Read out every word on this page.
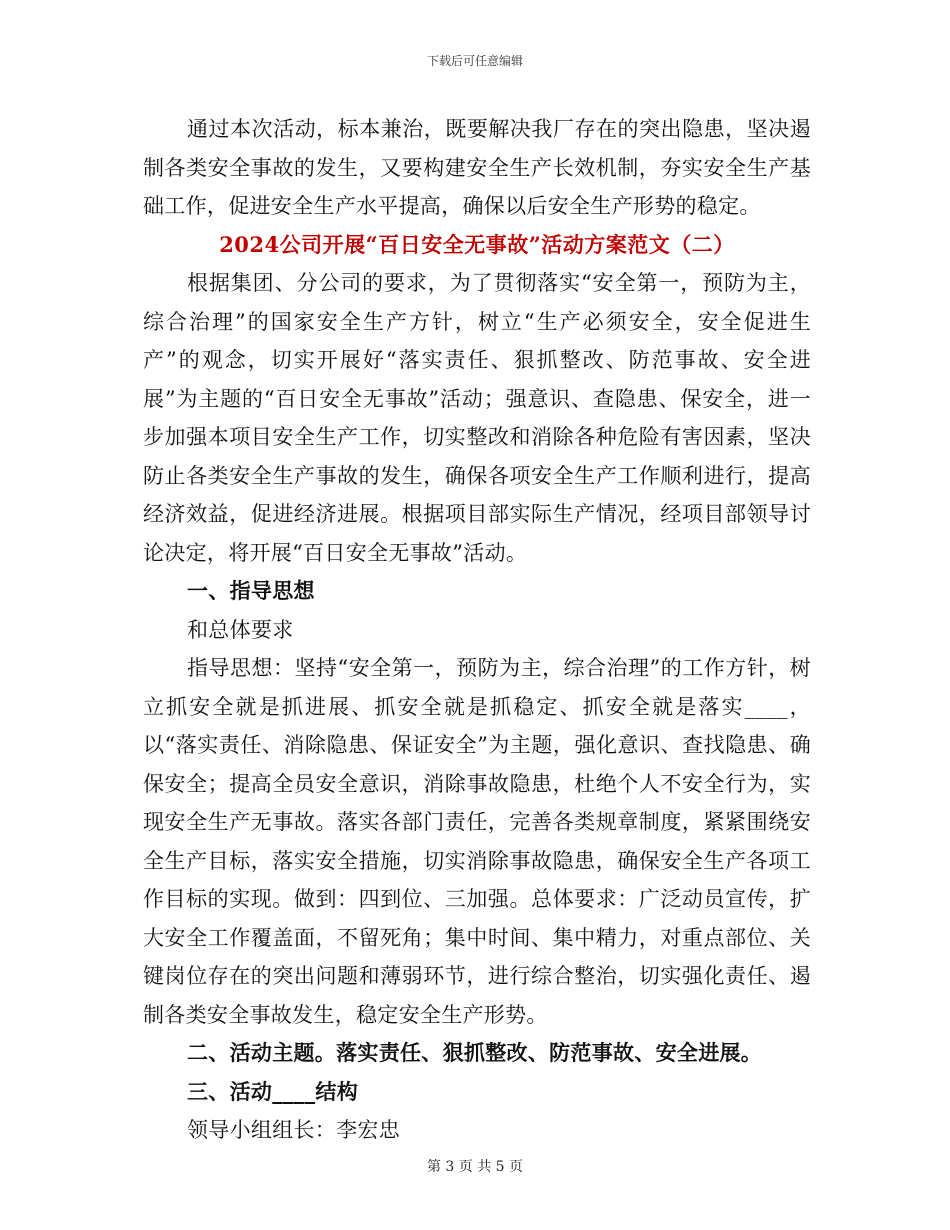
下载后可任意编辑

通过本次活动，标本兼治，既要解决我厂存在的突出隐患，坚决遏制各类安全事故的发生，又要构建安全生产长效机制，夯实安全生产基础工作，促进安全生产水平提高，确保以后安全生产形势的稳定。

2024公司开展“百日安全无事故”活动方案范文（二）

根据集团、分公司的要求，为了贯彻落实“安全第一，预防为主，综合治理”的国家安全生产方针，树立“生产必须安全，安全促进生产”的观念，切实开展好“落实责任、狠抓整改、防范事故、安全进展”为主题的“百日安全无事故”活动；强意识、查隐患、保安全，进一步加强本项目安全生产工作，切实整改和消除各种危险有害因素，坚决防止各类安全生产事故的发生，确保各项安全生产工作顺利进行，提高经济效益，促进经济进展。根据项目部实际生产情况，经项目部领导讨论决定，将开展“百日安全无事故”活动。

一、指导思想

和总体要求

指导思想：坚持“安全第一，预防为主，综合治理”的工作方针，树立抓安全就是抓进展、抓安全就是抓稳定、抓安全就是落实____，以“落实责任、消除隐患、保证安全”为主题，强化意识、查找隐患、确保安全；提高全员安全意识，消除事故隐患，杜绝个人不安全行为，实现安全生产无事故。落实各部门责任，完善各类规章制度，紧紧围绕安全生产目标，落实安全措施，切实消除事故隐患，确保安全生产各项工作目标的实现。做到：四到位、三加强。总体要求：广泛动员宣传，扩大安全工作覆盖面，不留死角；集中时间、集中精力，对重点部位、关键岗位存在的突出问题和薄弱环节，进行综合整治，切实强化责任、遏制各类安全事故发生，稳定安全生产形势。

二、活动主题。落实责任、狠抓整改、防范事故、安全进展。

三、活动____结构

领导小组组长：李宏忠

第 3 页 共 5 页
